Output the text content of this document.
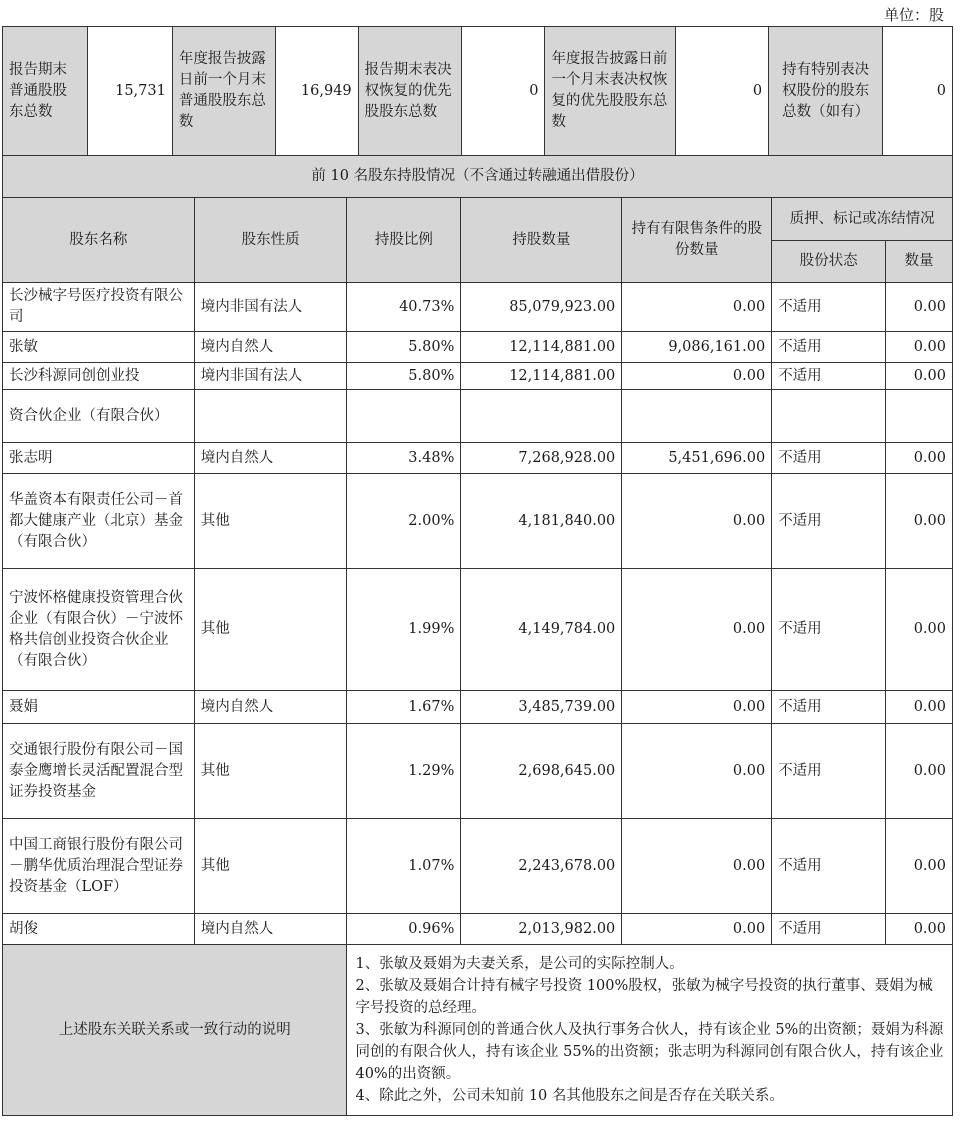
单位：股
报告期末普通股股东总数	15,731	年度报告披露日前一个月末普通股股东总数	16,949	报告期末表决权恢复的优先股股东总数	0	年度报告披露日前一个月末表决权恢复的优先股股东总数	0	持有特别表决权股份的股东总数（如有）	0
前 10 名股东持股情况（不含通过转融通出借股份）						
股东名称	股东性质	持股比例	持股数量	持有有限售条件的股份数量	质押、标记或冻结情况	
					股份状态	数量
长沙械字号医疗投资有限公司	境内非国有法人	40.73%	85,079,923.00	0.00	不适用	0.00
张敏	境内自然人	5.80%	12,114,881.00	9,086,161.00	不适用	0.00
长沙科源同创创业投	境内非国有法人	5.80%	12,114,881.00	0.00	不适用	0.00
资合伙企业（有限合伙）						
张志明	境内自然人	3.48%	7,268,928.00	5,451,696.00	不适用	0.00
华盖资本有限责任公司－首都大健康产业（北京）基金（有限合伙）	其他	2.00%	4,181,840.00	0.00	不适用	0.00
宁波怀格健康投资管理合伙企业（有限合伙）－宁波怀格共信创业投资合伙企业（有限合伙）	其他	1.99%	4,149,784.00	0.00	不适用	0.00
聂娟	境内自然人	1.67%	3,485,739.00	0.00	不适用	0.00
交通银行股份有限公司－国泰金鹰增长灵活配置混合型证券投资基金	其他	1.29%	2,698,645.00	0.00	不适用	0.00
中国工商银行股份有限公司－鹏华优质治理混合型证券投资基金（LOF）	其他	1.07%	2,243,678.00	0.00	不适用	0.00
胡俊	境内自然人	0.96%	2,013,982.00	0.00	不适用	0.00
上述股东关联关系或一致行动的说明		1、张敏及聂娟为夫妻关系，是公司的实际控制人。

2、张敏及聂娟合计持有械字号投资 100%股权，张敏为械字号投资的执行董事、聂娟为械字号投资的总经理。

3、张敏为科源同创的普通合伙人及执行事务合伙人，持有该企业 5%的出资额；聂娟为科源同创的有限合伙人，持有该企业 55%的出资额；张志明为科源同创有限合伙人，持有该企业 40%的出资额。

4、除此之外，公司未知前 10 名其他股东之间是否存在关联关系。				
